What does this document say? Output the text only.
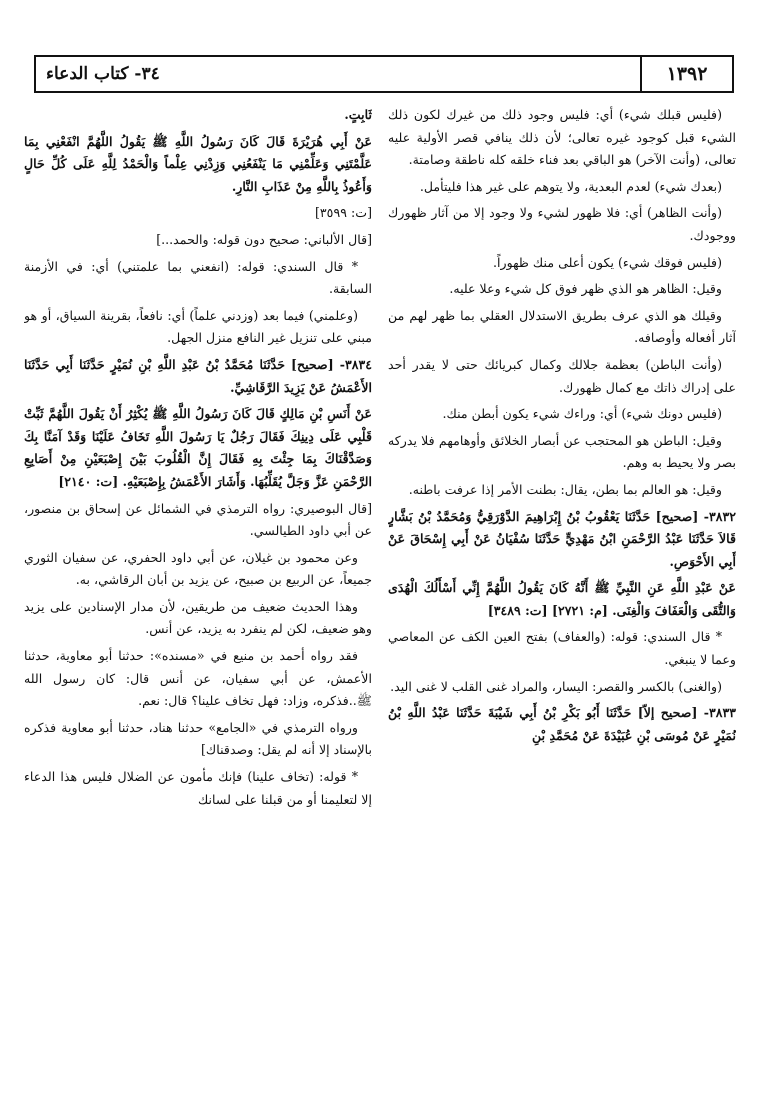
١٣٩٢
٣٤- كتاب الدعاء

(فليس قبلك شيء) أي: فليس وجود ذلك من غيرك لكون ذلك الشيء قبل كوجود غيره تعالى؛ لأن ذلك ينافي قصر الأولية عليه تعالى، (وأنت الآخر) هو الباقي بعد فناء خلقه كله ناطقة وصامتة.

(بعدك شيء) لعدم البعدية، ولا يتوهم على غير هذا فليتأمل.

(وأنت الظاهر) أي: فلا ظهور لشيء ولا وجود إلا من آثار ظهورك ووجودك.

(فليس فوقك شيء) يكون أعلى منك ظهوراً.

وقيل: الظاهر هو الذي ظهر فوق كل شيء وعلا عليه.

وقيلك هو الذي عرف بطريق الاستدلال العقلي بما ظهر لهم من آثار أفعاله وأوصافه.

(وأنت الباطن) بعظمة جلالك وكمال كبريائك حتى لا يقدر أحد على إدراك ذاتك مع كمال ظهورك.

(فليس دونك شيء) أي: وراءك شيء يكون أبطن منك.

وقيل: الباطن هو المحتجب عن أبصار الخلائق وأوهامهم فلا يدركه بصر ولا يحيط به وهم.

وقيل: هو العالم بما بطن، يقال: بطنت الأمر إذا عرفت باطنه.

٣٨٣٢- [صحيح] حَدَّثَنَا يَعْقُوبُ بْنُ إِبْرَاهِيمَ الدَّوْرَقِيُّ وَمُحَمَّدُ بْنُ بَشَّارٍ قَالاَ حَدَّثَنَا عَبْدُ الرَّحْمَنِ ابْنُ مَهْدِيٍّ حَدَّثَنَا سُفْيَانُ عَنْ أَبِي إِسْحَاقَ عَنْ أَبِي الأَحْوَصِ.

عَنْ عَبْدِ اللَّهِ عَنِ النَّبِيِّ ﷺ أَنَّهُ كَانَ يَقُولُ اللَّهُمَّ إِنِّي أَسْأَلُكَ الْهُدَى وَالتُّقَى وَالْعَفَافَ وَالْغِنَى. [م: ٢٧٢١] [ت: ٣٤٨٩]

* قال السندي: قوله: (والعفاف) بفتح العين الكف عن المعاصي وعما لا ينبغي.

(والغنى) بالكسر والقصر: اليسار، والمراد غنى القلب لا غنى اليد.

٣٨٣٣- [صحيح إلاّ] حَدَّثَنَا أَبُو بَكْرِ بْنُ أَبِي شَيْبَةَ حَدَّثَنَا عَبْدُ اللَّهِ بْنُ نُمَيْرٍ عَنْ مُوسَى بْنِ عُبَيْدَةَ عَنْ مُحَمَّدِ بْنِ

ثَابِتٍ.

عَنْ أَبِي هُرَيْرَةَ قَالَ كَانَ رَسُولُ اللَّهِ ﷺ يَقُولُ اللَّهُمَّ انْفَعْنِي بِمَا عَلَّمْتَنِي وَعَلِّمْنِي مَا يَنْفَعُنِي وَزِدْنِي عِلْماً وَالْحَمْدُ لِلَّهِ عَلَى كُلِّ حَالٍ وَأَعُوذُ بِاللَّهِ مِنْ عَذَابِ النَّارِ.

[ت: ٣٥٩٩]

[قال الألباني: صحيح دون قوله: والحمد...]

* قال السندي: قوله: (انفعني بما علمتني) أي: في الأزمنة السابقة.

(وعلمني) فيما بعد (وزدني علماً) أي: نافعاً، بقرينة السياق، أو هو مبني على تنزيل غير النافع منزل الجهل.

٣٨٣٤- [صحيح] حَدَّثَنَا مُحَمَّدُ بْنُ عَبْدِ اللَّهِ بْنِ نُمَيْرٍ حَدَّثَنَا أَبِي حَدَّثَنَا الأَعْمَشُ عَنْ يَزِيدَ الرَّقَاشِيِّ.

عَنْ أَنَسِ بْنِ مَالِكٍ قَالَ كَانَ رَسُولُ اللَّهِ ﷺ يُكْثِرُ أَنْ يَقُولَ اللَّهُمَّ ثَبِّتْ قَلْبِي عَلَى دِينِكَ فَقَالَ رَجُلٌ يَا رَسُولَ اللَّهِ تَخَافُ عَلَيْنَا وَقَدْ آمَنَّا بِكَ وَصَدَّقْنَاكَ بِمَا جِئْتَ بِهِ فَقَالَ إِنَّ الْقُلُوبَ بَيْنَ إِصْبَعَيْنِ مِنْ أَصَابِعِ الرَّحْمَنِ عَزَّ وَجَلَّ يُقَلِّبُهَا. وَأَشَارَ الأَعْمَشُ بِإِصْبَعَيْهِ. [ت: ٢١٤٠]

[قال البوصيري: رواه الترمذي في الشمائل عن إسحاق بن منصور، عن أبي داود الطيالسي.

وعن محمود بن غيلان، عن أبي داود الحفري، عن سفيان الثوري جميعاً، عن الربيع بن صبيح، عن يزيد بن أبان الرقاشي، به.

وهذا الحديث ضعيف من طريقين، لأن مدار الإسنادين على يزيد وهو ضعيف، لكن لم ينفرد به يزيد، عن أنس.

فقد رواه أحمد بن منيع في «مسنده»: حدثنا أبو معاوية، حدثنا الأعمش، عن أبي سفيان، عن أنس قال: كان رسول الله ﷺ..فذكره، وزاد: فهل تخاف علينا؟ قال: نعم.

ورواه الترمذي في «الجامع» حدثنا هناد، حدثنا أبو معاوية فذكره بالإسناد إلا أنه لم يقل: وصدقناك]

* قوله: (تخاف علينا) فإنك مأمون عن الضلال فليس هذا الدعاء إلا لتعليمنا أو من قبلنا على لسانك
